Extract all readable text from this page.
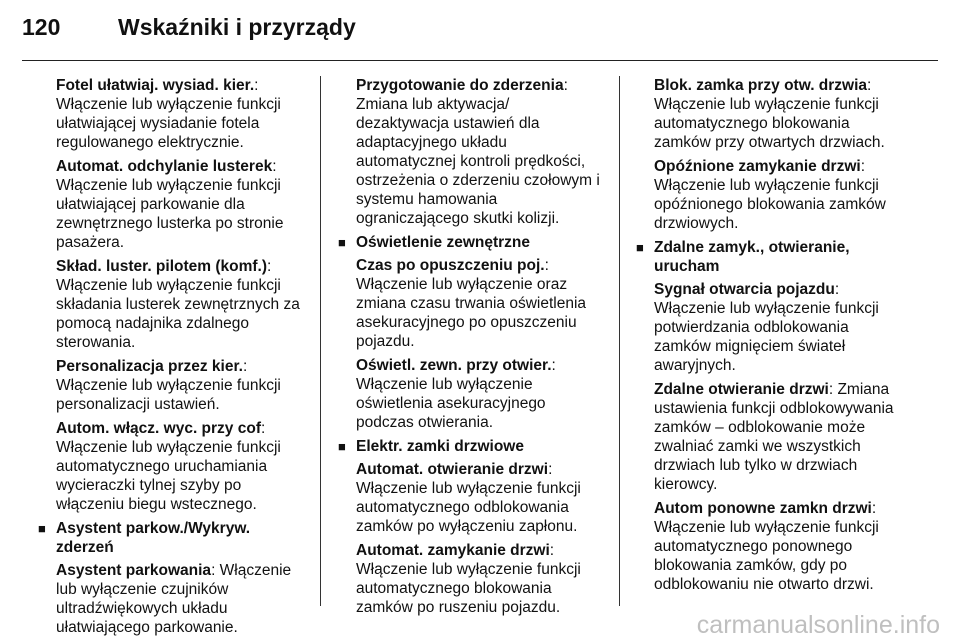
120	Wskaźniki i przyrządy
Fotel ułatwiaj. wysiad. kier.: Włączenie lub wyłączenie funkcji ułatwiającej wysiadanie fotela regulowanego elektrycznie.
Automat. odchylanie lusterek: Włączenie lub wyłączenie funkcji ułatwiającej parkowanie dla zewnętrznego lusterka po stronie pasażera.
Skład. luster. pilotem (komf.): Włączenie lub wyłączenie funkcji składania lusterek zewnętrznych za pomocą nadajnika zdalnego sterowania.
Personalizacja przez kier.: Włączenie lub wyłączenie funkcji personalizacji ustawień.
Autom. włącz. wyc. przy cof: Włączenie lub wyłączenie funkcji automatycznego uruchamiania wycieraczki tylnej szyby po włączeniu biegu wstecznego.
■ Asystent parkow./Wykryw. zderzeń
Asystent parkowania: Włączenie lub wyłączenie czujników ultradźwiękowych układu ułatwiającego parkowanie.
Przygotowanie do zderzenia: Zmiana lub aktywacja/ dezaktywacja ustawień dla adaptacyjnego układu automatycznej kontroli prędkości, ostrzeżenia o zderzeniu czołowym i systemu hamowania ograniczającego skutki kolizji.
■ Oświetlenie zewnętrzne
Czas po opuszczeniu poj.: Włączenie lub wyłączenie oraz zmiana czasu trwania oświetlenia asekuracyjnego po opuszczeniu pojazdu.
Oświetl. zewn. przy otwier.: Włączenie lub wyłączenie oświetlenia asekuracyjnego podczas otwierania.
■ Elektr. zamki drzwiowe
Automat. otwieranie drzwi: Włączenie lub wyłączenie funkcji automatycznego odblokowania zamków po wyłączeniu zapłonu.
Automat. zamykanie drzwi: Włączenie lub wyłączenie funkcji automatycznego blokowania zamków po ruszeniu pojazdu.
Blok. zamka przy otw. drzwia: Włączenie lub wyłączenie funkcji automatycznego blokowania zamków przy otwartych drzwiach.
Opóźnione zamykanie drzwi: Włączenie lub wyłączenie funkcji opóźnionego blokowania zamków drzwiowych.
■ Zdalne zamyk., otwieranie, urucham
Sygnał otwarcia pojazdu: Włączenie lub wyłączenie funkcji potwierdzania odblokowania zamków mignięciem świateł awaryjnych.
Zdalne otwieranie drzwi: Zmiana ustawienia funkcji odblokowywania zamków – odblokowanie może zwalniać zamki we wszystkich drzwiach lub tylko w drzwiach kierowcy.
Autom ponowne zamkn drzwi: Włączenie lub wyłączenie funkcji automatycznego ponownego blokowania zamków, gdy po odblokowaniu nie otwarto drzwi.
carmanualsonline.info
